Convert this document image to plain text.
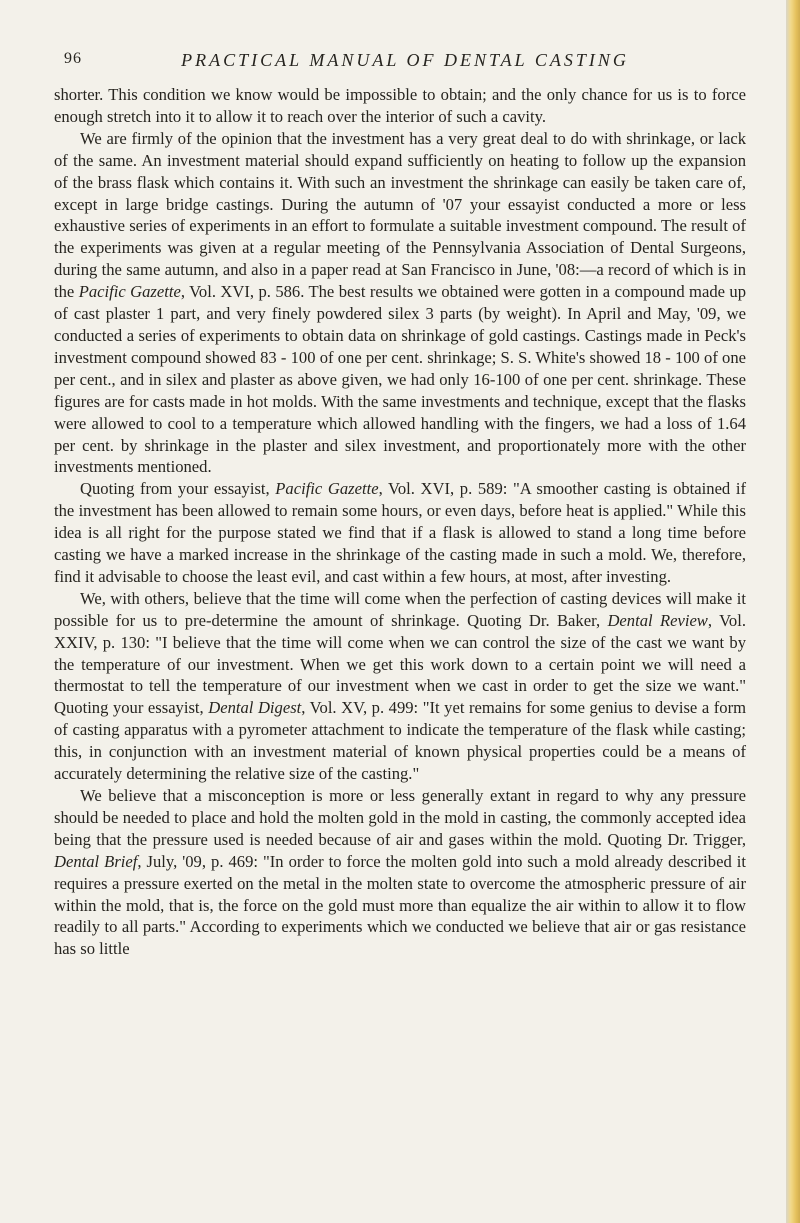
96	PRACTICAL MANUAL OF DENTAL CASTING

shorter. This condition we know would be impossible to obtain; and the only chance for us is to force enough stretch into it to allow it to reach over the interior of such a cavity.

We are firmly of the opinion that the investment has a very great deal to do with shrinkage, or lack of the same. An investment material should expand sufficiently on heating to follow up the expansion of the brass flask which contains it. With such an investment the shrinkage can easily be taken care of, except in large bridge castings. During the autumn of '07 your essayist conducted a more or less exhaustive series of experiments in an effort to formulate a suitable investment compound. The result of the experiments was given at a regular meeting of the Pennsylvania Association of Dental Surgeons, during the same autumn, and also in a paper read at San Francisco in June, '08:—a record of which is in the Pacific Gazette, Vol. XVI, p. 586. The best results we obtained were gotten in a compound made up of cast plaster 1 part, and very finely powdered silex 3 parts (by weight). In April and May, '09, we conducted a series of experiments to obtain data on shrinkage of gold castings. Castings made in Peck's investment compound showed 83 - 100 of one per cent. shrinkage; S. S. White's showed 18 - 100 of one per cent., and in silex and plaster as above given, we had only 16-100 of one per cent. shrinkage. These figures are for casts made in hot molds. With the same investments and technique, except that the flasks were allowed to cool to a temperature which allowed handling with the fingers, we had a loss of 1.64 per cent. by shrinkage in the plaster and silex investment, and proportionately more with the other investments mentioned.

Quoting from your essayist, Pacific Gazette, Vol. XVI, p. 589: "A smoother casting is obtained if the investment has been allowed to remain some hours, or even days, before heat is applied." While this idea is all right for the purpose stated we find that if a flask is allowed to stand a long time before casting we have a marked increase in the shrinkage of the casting made in such a mold. We, therefore, find it advisable to choose the least evil, and cast within a few hours, at most, after investing.

We, with others, believe that the time will come when the perfection of casting devices will make it possible for us to pre-determine the amount of shrinkage. Quoting Dr. Baker, Dental Review, Vol. XXIV, p. 130: "I believe that the time will come when we can control the size of the cast we want by the temperature of our investment. When we get this work down to a certain point we will need a thermostat to tell the temperature of our investment when we cast in order to get the size we want." Quoting your essayist, Dental Digest, Vol. XV, p. 499: "It yet remains for some genius to devise a form of casting apparatus with a pyrometer attachment to indicate the temperature of the flask while casting; this, in conjunction with an investment material of known physical properties could be a means of accurately determining the relative size of the casting."

We believe that a misconception is more or less generally extant in regard to why any pressure should be needed to place and hold the molten gold in the mold in casting, the commonly accepted idea being that the pressure used is needed because of air and gases within the mold. Quoting Dr. Trigger, Dental Brief, July, '09, p. 469: "In order to force the molten gold into such a mold already described it requires a pressure exerted on the metal in the molten state to overcome the atmospheric pressure of air within the mold, that is, the force on the gold must more than equalize the air within to allow it to flow readily to all parts." According to experiments which we conducted we believe that air or gas resistance has so little
